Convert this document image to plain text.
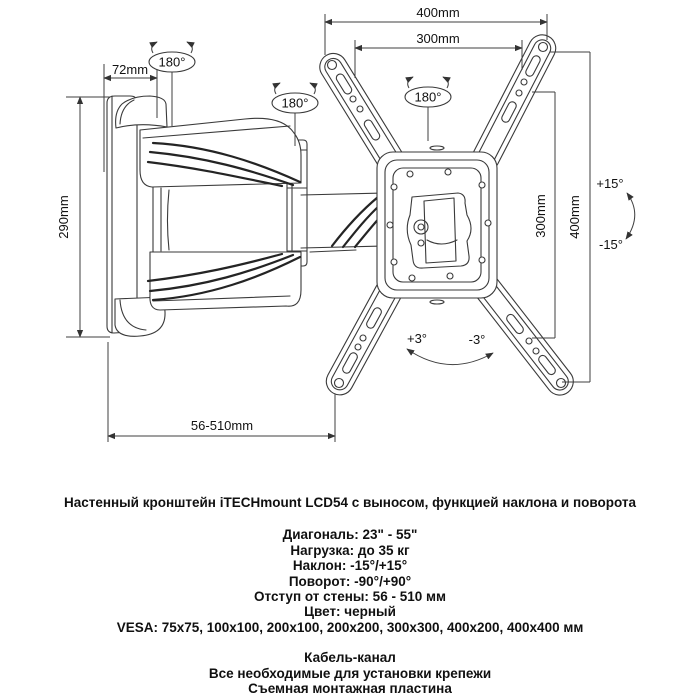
72mm
290mm
56-510mm
400mm
300mm
300mm 400mm
+15°
-15°
+3°	-3°
180°
180°	180°
Настенный кронштейн iTECHmount LCD54 с выносом, функцией наклона и поворота
Диагональ: 23" - 55"
Нагрузка: до 35 кг
Наклон: -15°/+15°
Поворот: -90°/+90°
Отступ от стены: 56 - 510 мм
Цвет: черный
VESA: 75x75, 100x100, 200x100, 200x200, 300x300, 400x200, 400x400 мм
Кабель-канал
Все необходимые для установки крепежи
Съемная монтажная пластина
